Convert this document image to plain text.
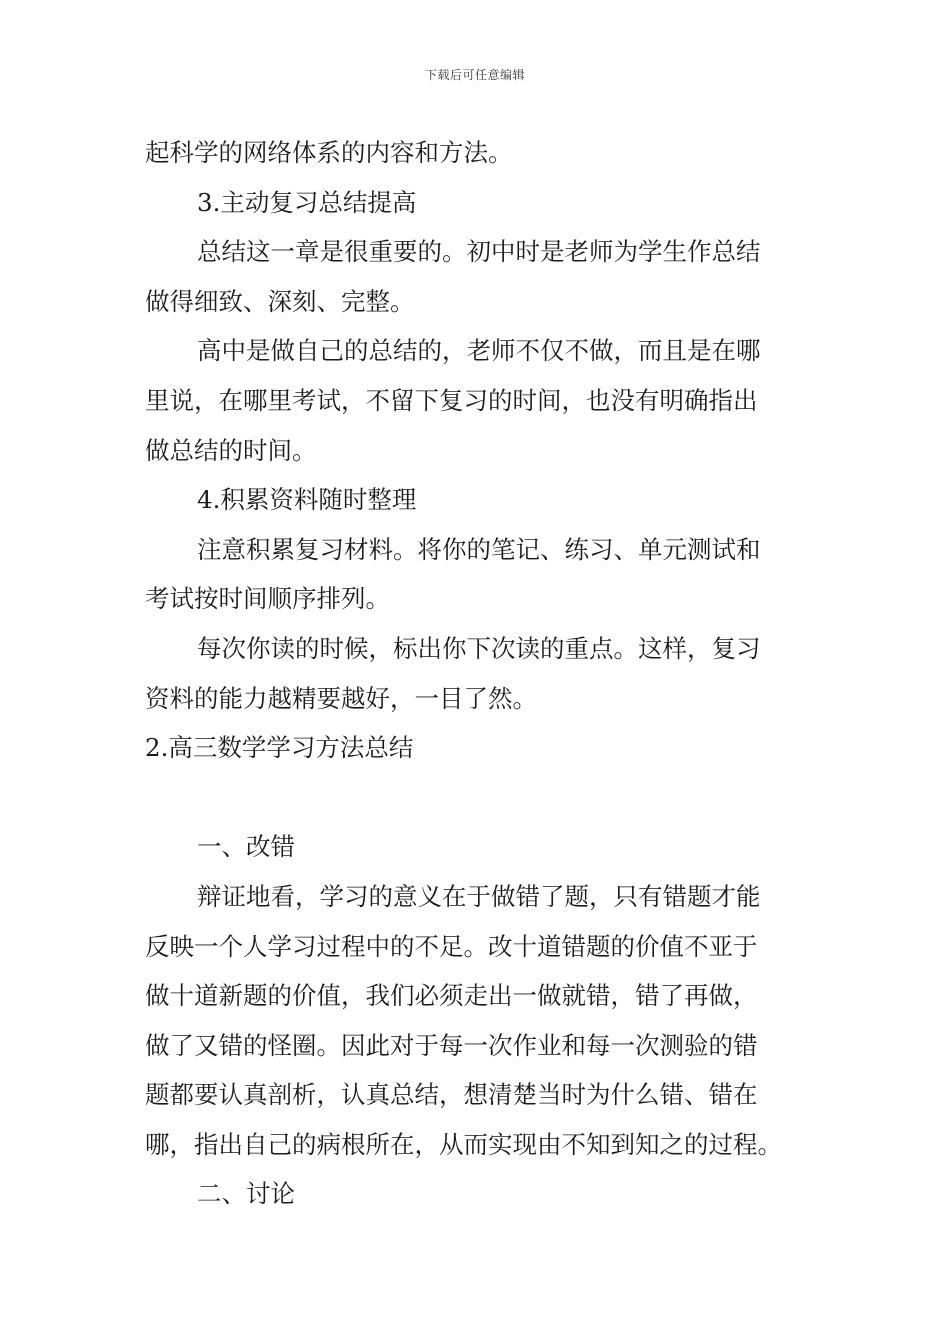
下载后可任意编辑
起科学的网络体系的内容和方法。
3.主动复习总结提高
总结这一章是很重要的。初中时是老师为学生作总结
做得细致、深刻、完整。
高中是做自己的总结的，老师不仅不做，而且是在哪
里说，在哪里考试，不留下复习的时间，也没有明确指出
做总结的时间。
4.积累资料随时整理
注意积累复习材料。将你的笔记、练习、单元测试和
考试按时间顺序排列。
每次你读的时候，标出你下次读的重点。这样，复习
资料的能力越精要越好，一目了然。
2.高三数学学习方法总结
一、改错
辩证地看，学习的意义在于做错了题，只有错题才能
反映一个人学习过程中的不足。改十道错题的价值不亚于
做十道新题的价值，我们必须走出一做就错，错了再做，
做了又错的怪圈。因此对于每一次作业和每一次测验的错
题都要认真剖析，认真总结，想清楚当时为什么错、错在
哪，指出自己的病根所在，从而实现由不知到知之的过程。
二、讨论
